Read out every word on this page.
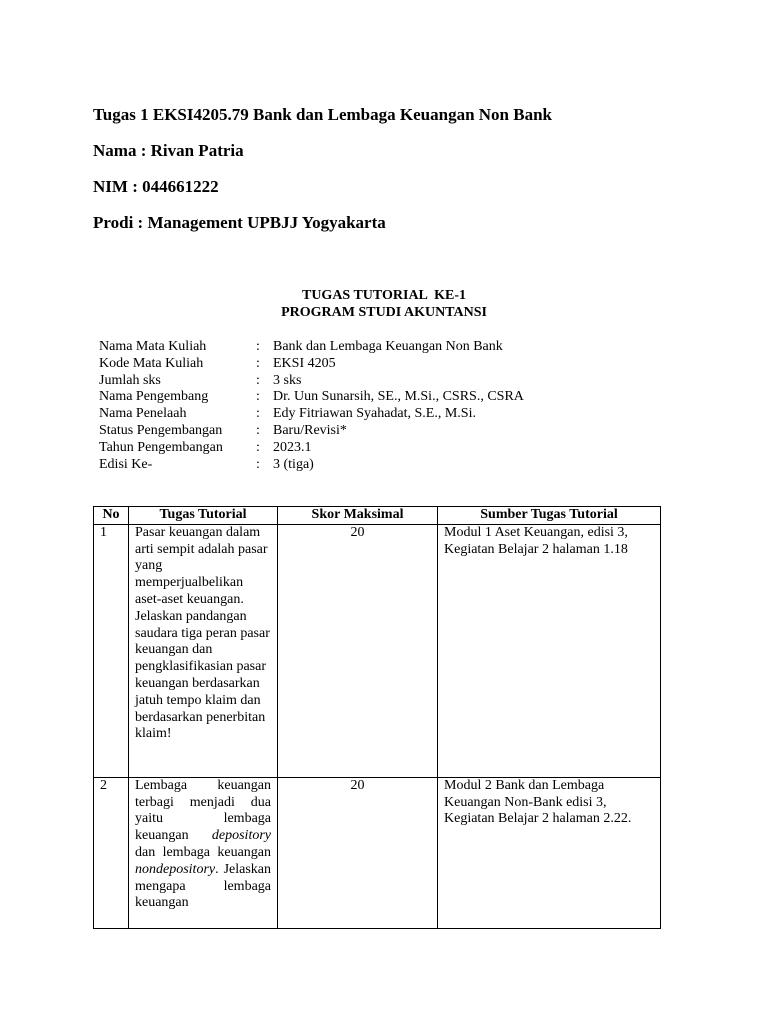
Tugas 1 EKSI4205.79 Bank dan Lembaga Keuangan Non Bank

Nama : Rivan Patria

NIM : 044661222

Prodi : Management UPBJJ Yogyakarta

TUGAS TUTORIAL  KE-1
PROGRAM STUDI AKUNTANSI
Nama Mata Kuliah	: Bank dan Lembaga Keuangan Non Bank
Kode Mata Kuliah	: EKSI 4205
Jumlah sks	: 3 sks
Nama Pengembang	: Dr. Uun Sunarsih, SE., M.Si., CSRS., CSRA
Nama Penelaah	: Edy Fitriawan Syahadat, S.E., M.Si.
Status Pengembangan : Baru/Revisi*
Tahun Pengembangan : 2023.1
Edisi Ke-	: 3 (tiga)
No	Tugas Tutorial	Skor Maksimal	Sumber Tugas Tutorial
1	Pasar keuangan dalam arti sempit adalah pasar yang memperjualbelikan aset-aset keuangan. Jelaskan pandangan saudara tiga peran pasar keuangan dan pengklasifikasian pasar keuangan berdasarkan jatuh tempo klaim dan berdasarkan penerbitan klaim!	20	Modul 1 Aset Keuangan, edisi 3, Kegiatan Belajar 2 halaman 1.18
2	Lembaga keuangan terbagi menjadi dua yaitu lembaga keuangan depository dan lembaga keuangan nondepository. Jelaskan mengapa lembaga keuangan	20	Modul 2 Bank dan Lembaga Keuangan Non-Bank edisi 3, Kegiatan Belajar 2 halaman 2.22.
